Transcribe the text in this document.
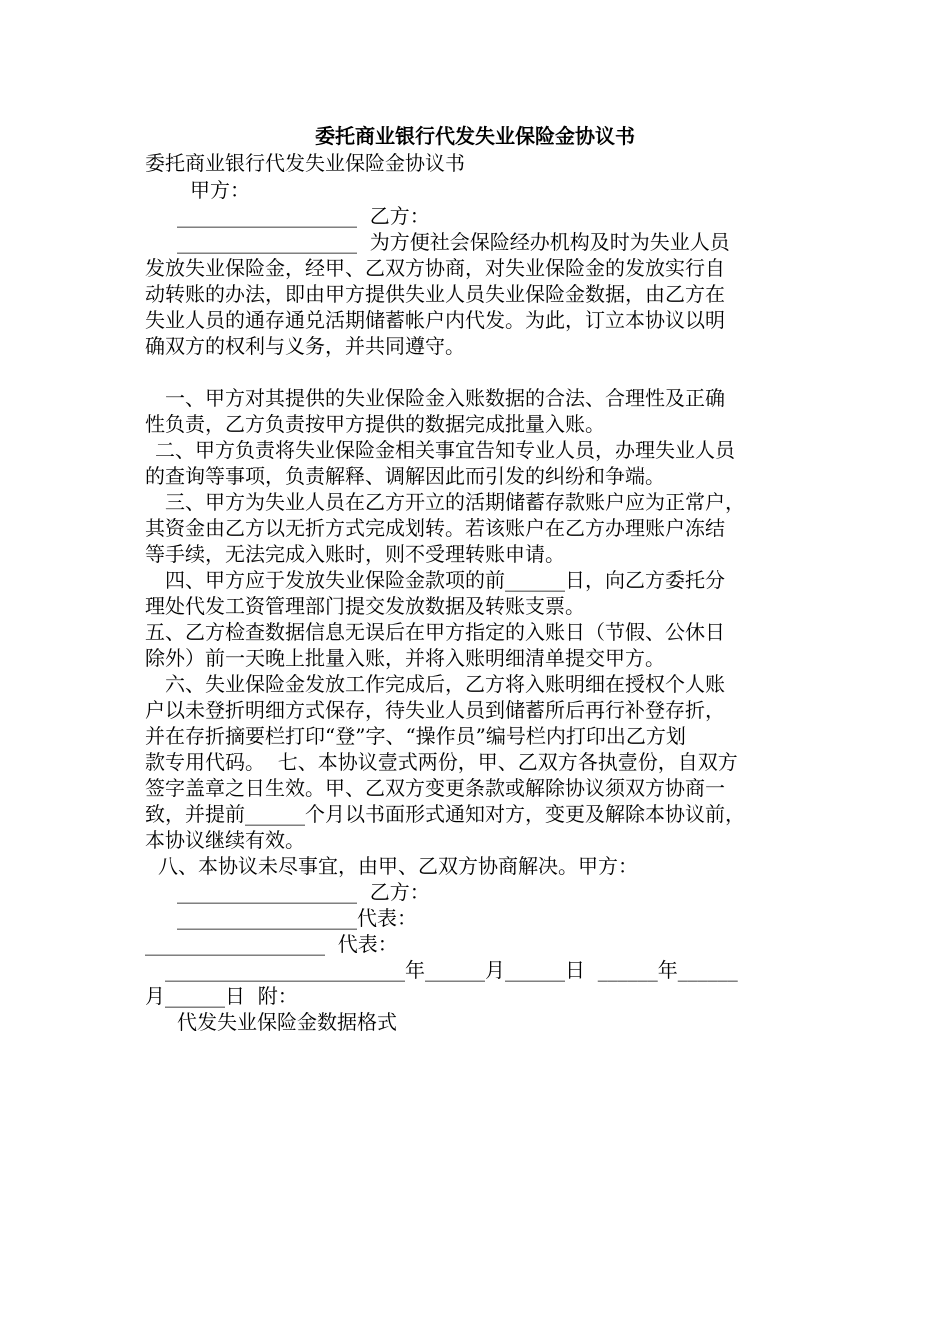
委托商业银行代发失业保险金协议书
委托商业银行代发失业保险金协议书
甲方：
__________________  乙方：
__________________  为方便社会保险经办机构及时为失业人员
发放失业保险金，经甲、乙双方协商，对失业保险金的发放实行自
动转账的办法，即由甲方提供失业人员失业保险金数据，由乙方在
失业人员的通存通兑活期储蓄帐户内代发。为此，订立本协议以明
确双方的权利与义务，并共同遵守。
一、甲方对其提供的失业保险金入账数据的合法、合理性及正确
性负责，乙方负责按甲方提供的数据完成批量入账。
二、甲方负责将失业保险金相关事宜告知专业人员，办理失业人员
的查询等事项，负责解释、调解因此而引发的纠纷和争端。
三、甲方为失业人员在乙方开立的活期储蓄存款账户应为正常户，
其资金由乙方以无折方式完成划转。若该账户在乙方办理账户冻结
等手续，无法完成入账时，则不受理转账申请。
四、甲方应于发放失业保险金款项的前______日，向乙方委托分
理处代发工资管理部门提交发放数据及转账支票。
五、乙方检查数据信息无误后在甲方指定的入账日（节假、公休日
除外）前一天晚上批量入账，并将入账明细清单提交甲方。
六、失业保险金发放工作完成后，乙方将入账明细在授权个人账
户以未登折明细方式保存，待失业人员到储蓄所后再行补登存折，
并在存折摘要栏打印“登”字、“操作员”编号栏内打印出乙方划
款专用代码。  七、本协议壹式两份，甲、乙双方各执壹份，自双方
签字盖章之日生效。甲、乙双方变更条款或解除协议须双方协商一
致，并提前______个月以书面形式通知对方，变更及解除本协议前，
本协议继续有效。
八、本协议未尽事宜，由甲、乙双方协商解决。甲方：
__________________  乙方：
__________________代表：
__________________  代表：
________________________年______月______日  ______年______
月______日  附：
代发失业保险金数据格式
